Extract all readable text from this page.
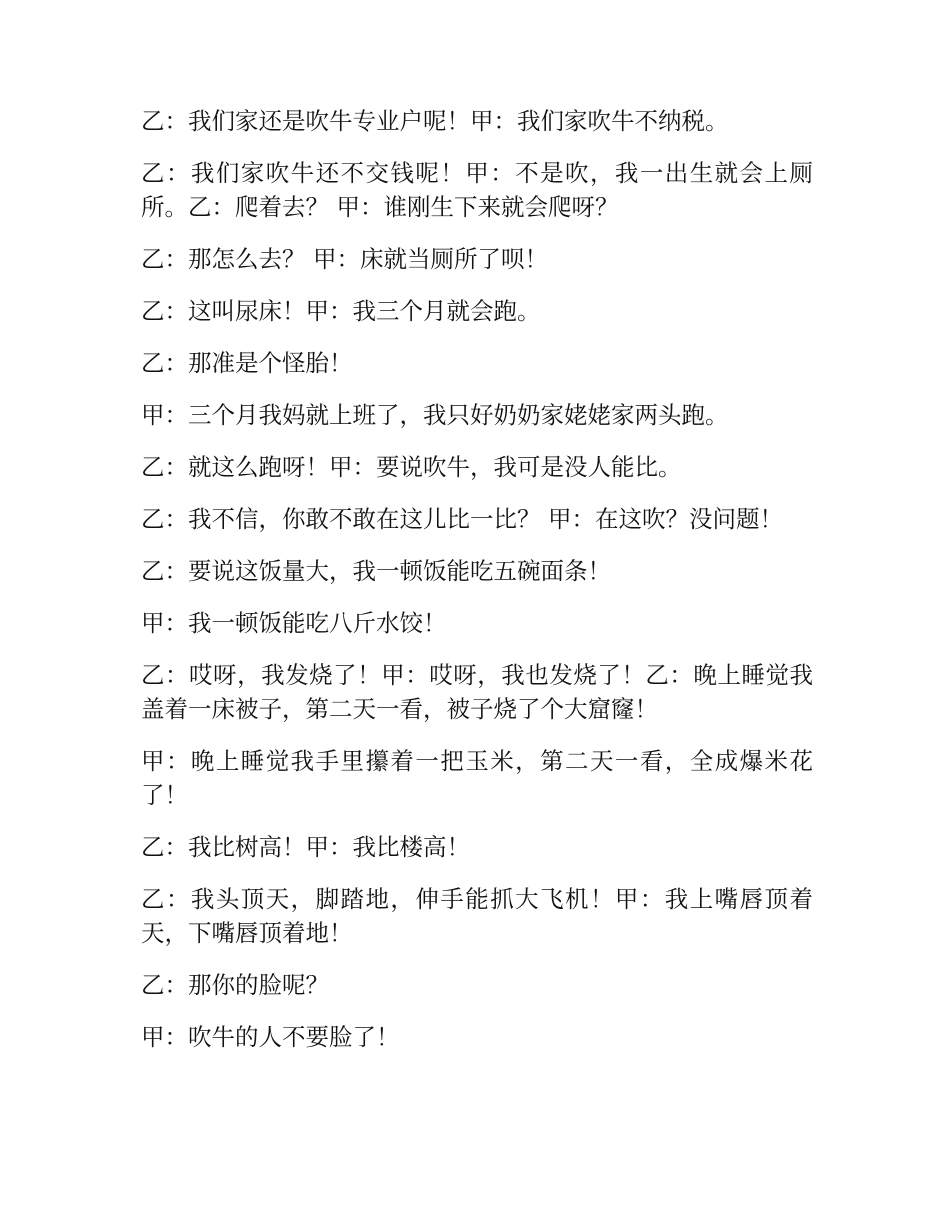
乙：我们家还是吹牛专业户呢！甲：我们家吹牛不纳税。

乙：我们家吹牛还不交钱呢！甲：不是吹，我一出生就会上厕所。乙：爬着去？ 甲：谁刚生下来就会爬呀？

乙：那怎么去？ 甲：床就当厕所了呗！

乙：这叫尿床！甲：我三个月就会跑。

乙：那准是个怪胎！

甲：三个月我妈就上班了，我只好奶奶家姥姥家两头跑。

乙：就这么跑呀！甲：要说吹牛，我可是没人能比。

乙：我不信，你敢不敢在这儿比一比？ 甲：在这吹？没问题！

乙：要说这饭量大，我一顿饭能吃五碗面条！

甲：我一顿饭能吃八斤水饺！

乙：哎呀，我发烧了！甲：哎呀，我也发烧了！乙：晚上睡觉我盖着一床被子，第二天一看，被子烧了个大窟窿！

甲：晚上睡觉我手里攥着一把玉米，第二天一看，全成爆米花了！

乙：我比树高！甲：我比楼高！

乙：我头顶天，脚踏地，伸手能抓大飞机！甲：我上嘴唇顶着天，下嘴唇顶着地！

乙：那你的脸呢？

甲：吹牛的人不要脸了！
